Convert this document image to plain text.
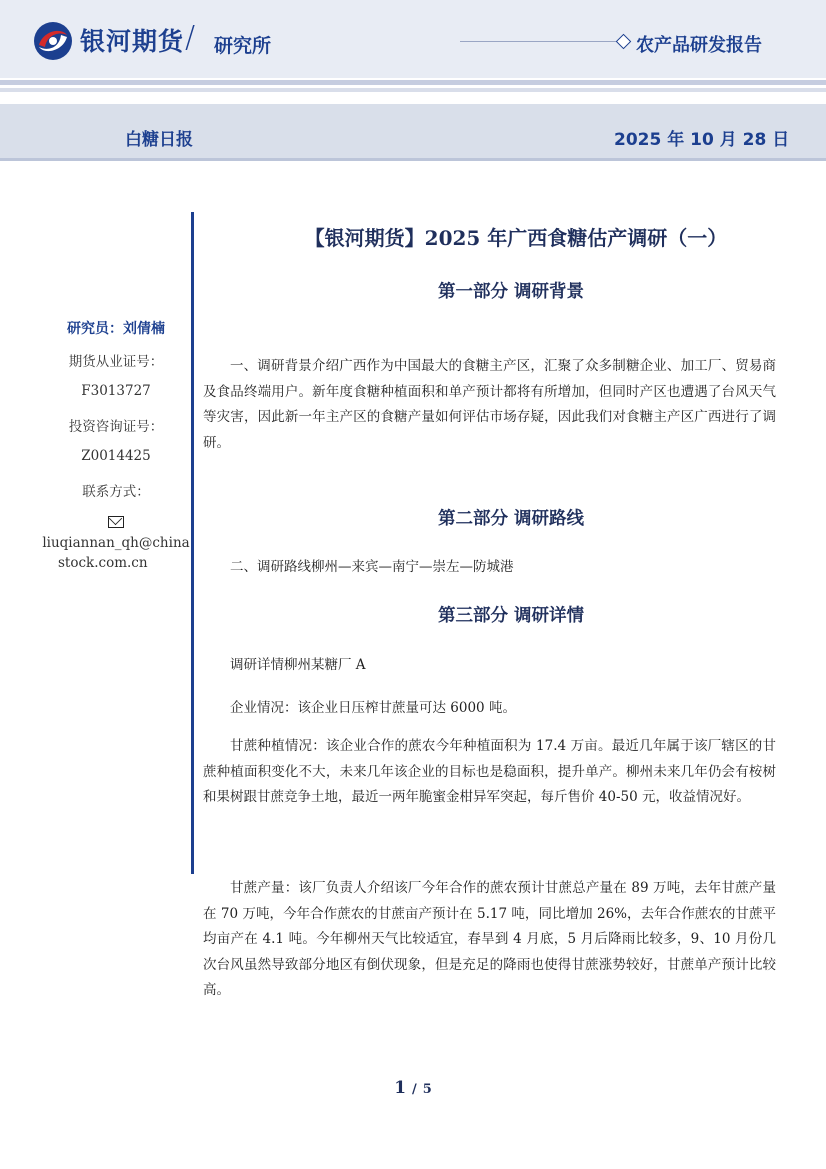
银河期货 / 研究所	农产品研发报告
白糖日报	2025 年 10 月 28 日
研究员：刘倩楠
期货从业证号：
F3013727
投资咨询证号：
Z0014425
联系方式：
liuqiannan_qh@china
stock.com.cn
【银河期货】2025 年广西食糖估产调研（一）
第一部分 调研背景

一、调研背景介绍广西作为中国最大的食糖主产区，汇聚了众多制糖企业、加工厂、贸易商及食品终端用户。新年度食糖种植面积和单产预计都将有所增加，但同时产区也遭遇了台风天气等灾害，因此新一年主产区的食糖产量如何评估市场存疑，因此我们对食糖主产区广西进行了调研。

第二部分 调研路线
二、调研路线柳州—来宾—南宁—崇左—防城港
第三部分 调研详情
调研详情柳州某糖厂 A
企业情况：该企业日压榨甘蔗量可达 6000 吨。

甘蔗种植情况：该企业合作的蔗农今年种植面积为 17.4 万亩。最近几年属于该厂辖区的甘蔗种植面积变化不大，未来几年该企业的目标也是稳面积，提升单产。柳州未来几年仍会有桉树和果树跟甘蔗竞争土地，最近一两年脆蜜金柑异军突起，每斤售价 40-50 元，收益情况好。

甘蔗产量：该厂负责人介绍该厂今年合作的蔗农预计甘蔗总产量在 89 万吨，去年甘蔗产量在 70 万吨，今年合作蔗农的甘蔗亩产预计在 5.17 吨，同比增加 26%，去年合作蔗农的甘蔗平均亩产在 4.1 吨。今年柳州天气比较适宜，春旱到 4 月底，5 月后降雨比较多，9、10 月份几次台风虽然导致部分地区有倒伏现象，但是充足的降雨也使得甘蔗涨势较好，甘蔗单产预计比较高。

1 / 5
